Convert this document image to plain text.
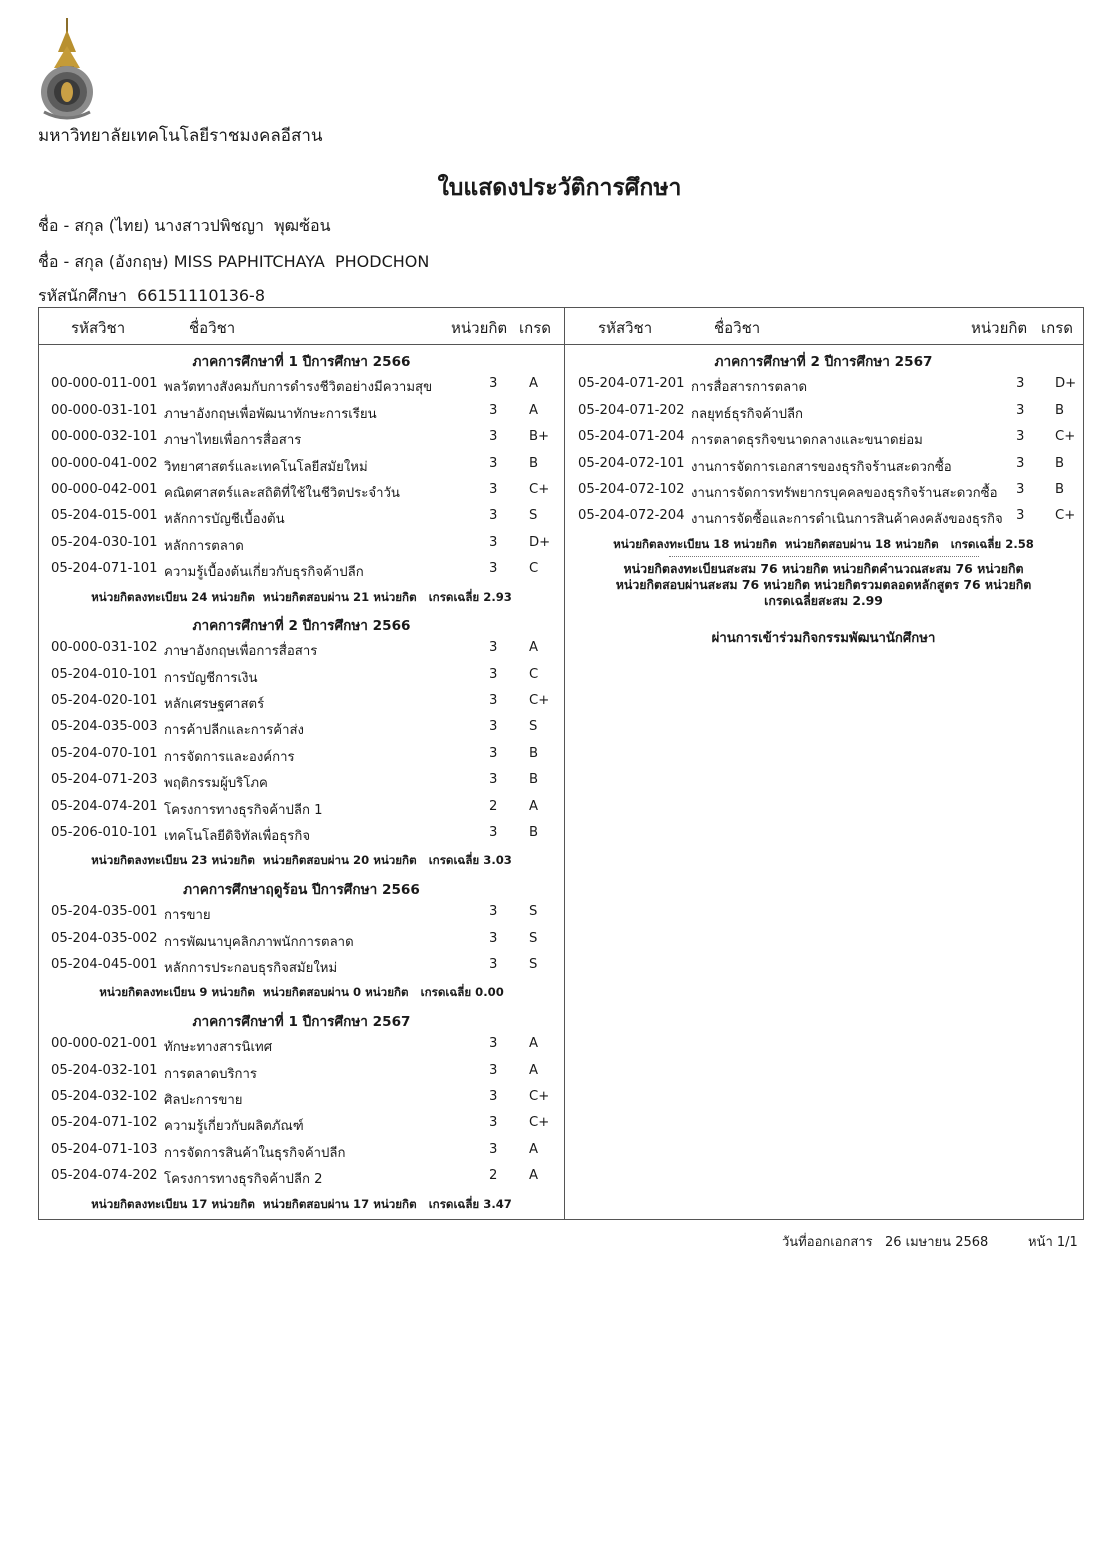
มหาวิทยาลัยเทคโนโลยีราชมงคลอีสาน
ใบแสดงประวัติการศึกษา
ชื่อ - สกุล (ไทย) นางสาวปพิชญา  พุฒซ้อน
ชื่อ - สกุล (อังกฤษ) MISS PAPHITCHAYA  PHODCHON
รหัสนักศึกษา 66151110136-8
รหัสวิชา	ชื่อวิชา	หน่วยกิต เกรด
ภาคการศึกษาที่ 1 ปีการศึกษา 2566
00-000-011-001 พลวัตทางสังคมกับการดำรงชีวิตอย่างมีความสุข	3 A
00-000-031-101 ภาษาอังกฤษเพื่อพัฒนาทักษะการเรียน	3 A
00-000-032-101 ภาษาไทยเพื่อการสื่อสาร	3 B+
00-000-041-002 วิทยาศาสตร์และเทคโนโลยีสมัยใหม่	3 B
00-000-042-001 คณิตศาสตร์และสถิติที่ใช้ในชีวิตประจำวัน	3 C+
05-204-015-001 หลักการบัญชีเบื้องต้น	3 S
05-204-030-101 หลักการตลาด	3 D+
05-204-071-101 ความรู้เบื้องต้นเกี่ยวกับธุรกิจค้าปลีก	3 C
หน่วยกิตลงทะเบียน 24 หน่วยกิต  หน่วยกิตสอบผ่าน 21 หน่วยกิต   เกรดเฉลี่ย 2.93
ภาคการศึกษาที่ 2 ปีการศึกษา 2566
00-000-031-102 ภาษาอังกฤษเพื่อการสื่อสาร	3 A
05-204-010-101 การบัญชีการเงิน	3 C
05-204-020-101 หลักเศรษฐศาสตร์	3 C+
05-204-035-003 การค้าปลีกและการค้าส่ง	3 S
05-204-070-101 การจัดการและองค์การ	3 B
05-204-071-203 พฤติกรรมผู้บริโภค	3 B
05-204-074-201 โครงการทางธุรกิจค้าปลีก 1	2 A
05-206-010-101 เทคโนโลยีดิจิทัลเพื่อธุรกิจ	3 B
หน่วยกิตลงทะเบียน 23 หน่วยกิต  หน่วยกิตสอบผ่าน 20 หน่วยกิต   เกรดเฉลี่ย 3.03
ภาคการศึกษาฤดูร้อน ปีการศึกษา 2566
05-204-035-001 การขาย	3 S
05-204-035-002 การพัฒนาบุคลิกภาพนักการตลาด	3 S
05-204-045-001 หลักการประกอบธุรกิจสมัยใหม่	3 S
หน่วยกิตลงทะเบียน 9 หน่วยกิต  หน่วยกิตสอบผ่าน 0 หน่วยกิต   เกรดเฉลี่ย 0.00
ภาคการศึกษาที่ 1 ปีการศึกษา 2567
00-000-021-001 ทักษะทางสารนิเทศ	3 A
05-204-032-101 การตลาดบริการ	3 A
05-204-032-102 ศิลปะการขาย	3 C+
05-204-071-102 ความรู้เกี่ยวกับผลิตภัณฑ์	3 C+
05-204-071-103 การจัดการสินค้าในธุรกิจค้าปลีก	3 A
05-204-074-202 โครงการทางธุรกิจค้าปลีก 2	2 A
หน่วยกิตลงทะเบียน 17 หน่วยกิต  หน่วยกิตสอบผ่าน 17 หน่วยกิต   เกรดเฉลี่ย 3.47
รหัสวิชา	ชื่อวิชา	หน่วยกิต เกรด
ภาคการศึกษาที่ 2 ปีการศึกษา 2567
05-204-071-201 การสื่อสารการตลาด	3 D+
05-204-071-202 กลยุทธ์ธุรกิจค้าปลีก	3 B
05-204-071-204 การตลาดธุรกิจขนาดกลางและขนาดย่อม	3 C+
05-204-072-101 งานการจัดการเอกสารของธุรกิจร้านสะดวกซื้อ	3 B
05-204-072-102 งานการจัดการทรัพยากรบุคคลของธุรกิจร้านสะดวกซื้อ 3 B
05-204-072-204 งานการจัดซื้อและการดำเนินการสินค้าคงคลังของธุรกิจ 3 C+
หน่วยกิตลงทะเบียน 18 หน่วยกิต  หน่วยกิตสอบผ่าน 18 หน่วยกิต   เกรดเฉลี่ย 2.58
หน่วยกิตลงทะเบียนสะสม 76 หน่วยกิต หน่วยกิตคำนวณสะสม 76 หน่วยกิต
หน่วยกิตสอบผ่านสะสม 76 หน่วยกิต หน่วยกิตรวมตลอดหลักสูตร 76 หน่วยกิต
เกรดเฉลี่ยสะสม 2.99
ผ่านการเข้าร่วมกิจกรรมพัฒนานักศึกษา
วันที่ออกเอกสาร 26 เมษายน 2568	หน้า 1/1
